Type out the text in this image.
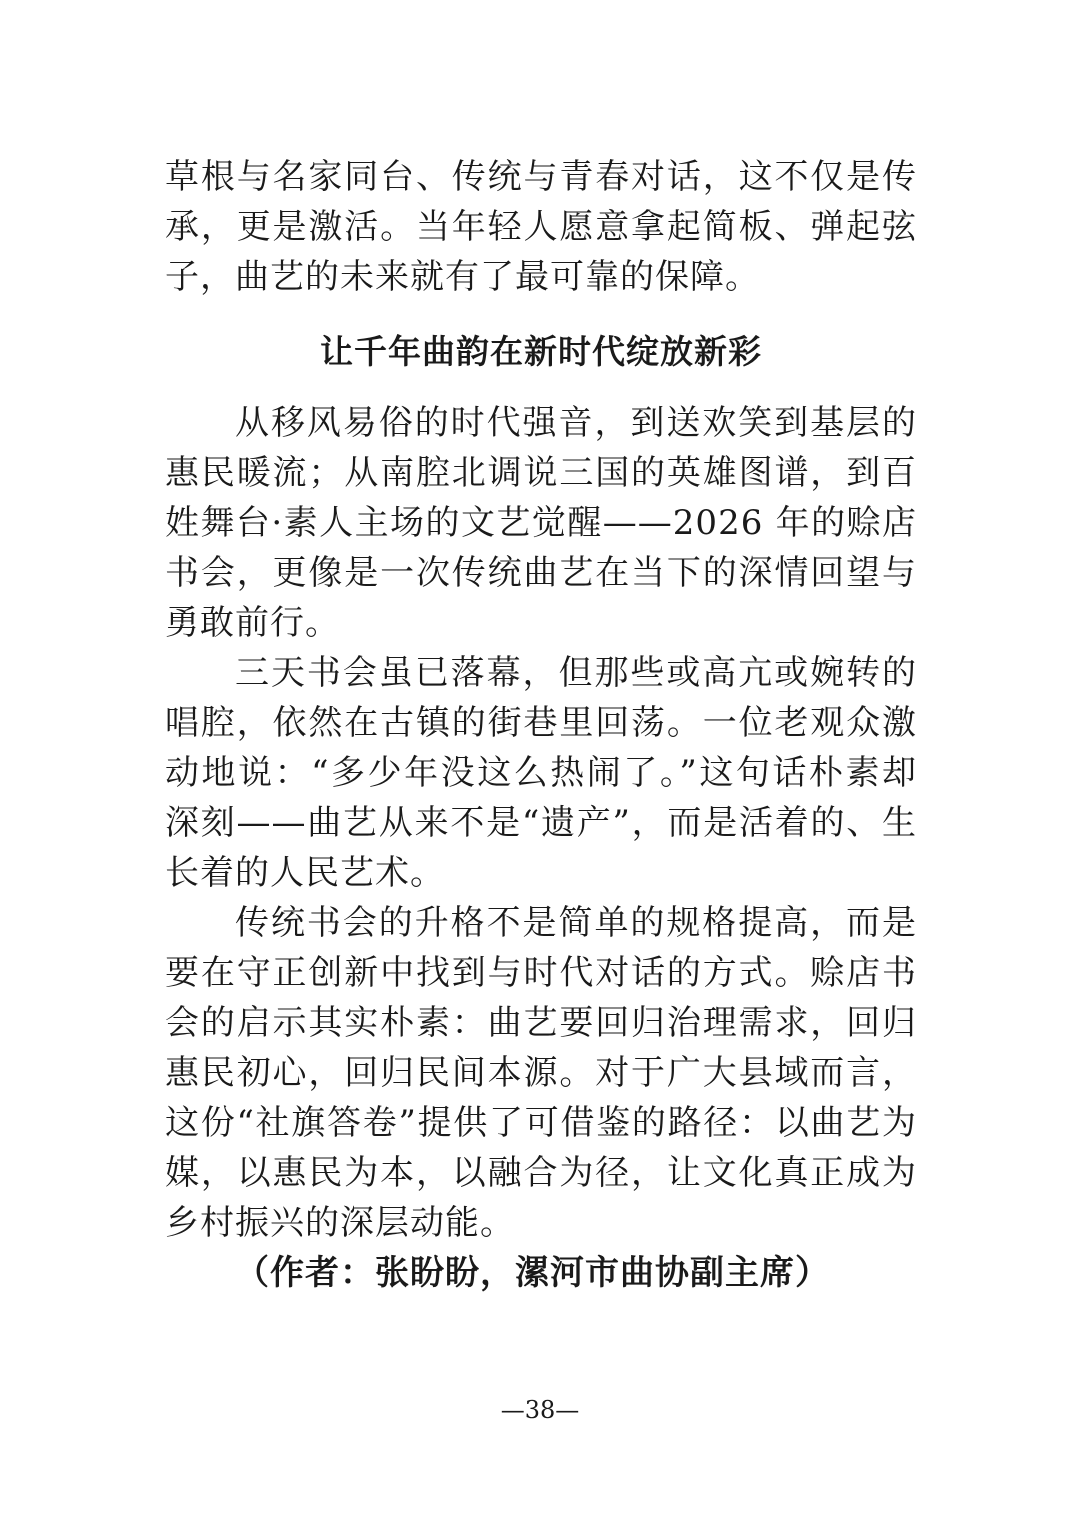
草根与名家同台、传统与青春对话，这不仅是传承，更是激活。当年轻人愿意拿起简板、弹起弦子，曲艺的未来就有了最可靠的保障。

让千年曲韵在新时代绽放新彩

从移风易俗的时代强音，到送欢笑到基层的惠民暖流；从南腔北调说三国的英雄图谱，到百姓舞台·素人主场的文艺觉醒——2026 年的赊店书会，更像是一次传统曲艺在当下的深情回望与勇敢前行。

三天书会虽已落幕，但那些或高亢或婉转的唱腔，依然在古镇的街巷里回荡。一位老观众激动地说：“多少年没这么热闹了。”这句话朴素却深刻——曲艺从来不是“遗产”，而是活着的、生长着的人民艺术。

传统书会的升格不是简单的规格提高，而是要在守正创新中找到与时代对话的方式。赊店书会的启示其实朴素：曲艺要回归治理需求，回归惠民初心，回归民间本源。对于广大县域而言，这份“社旗答卷”提供了可借鉴的路径：以曲艺为媒，以惠民为本，以融合为径，让文化真正成为乡村振兴的深层动能。

（作者：张盼盼，漯河市曲协副主席）

—38—
